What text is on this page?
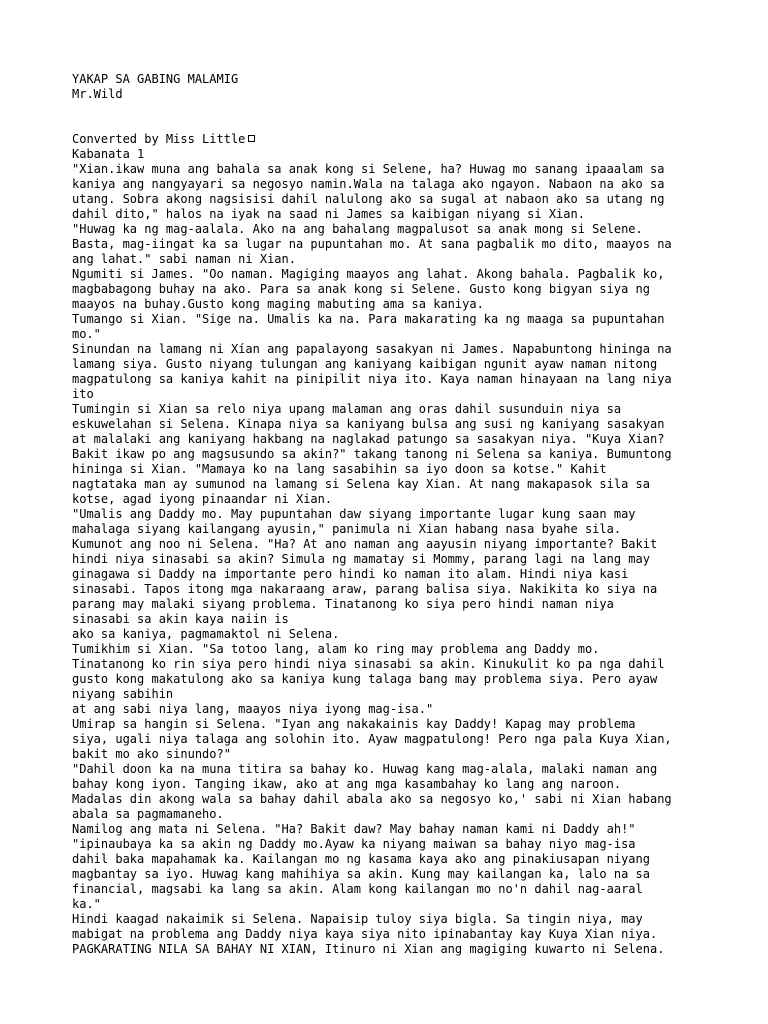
YAKAP SA GABING MALAMIG
Mr.Wild
Converted by Miss Little
Kabanata 1
"Xian.ikaw muna ang bahala sa anak kong si Selene, ha? Huwag mo sanang ipaaalam sa
kaniya ang nangyayari sa negosyo namin.Wala na talaga ako ngayon. Nabaon na ako sa
utang. Sobra akong nagsisisi dahil nalulong ako sa sugal at nabaon ako sa utang ng
dahil dito," halos na iyak na saad ni James sa kaibigan niyang si Xian.
"Huwag ka ng mag-aalala. Ako na ang bahalang magpalusot sa anak mong si Selene.
Basta, mag-iingat ka sa lugar na pupuntahan mo. At sana pagbalik mo dito, maayos na
ang lahat." sabi naman ni Xian.
Ngumiti si James. "Oo naman. Magiging maayos ang lahat. Akong bahala. Pagbalik ko,
magbabagong buhay na ako. Para sa anak kong si Selene. Gusto kong bigyan siya ng
maayos na buhay.Gusto kong maging mabuting ama sa kaniya.
Tumango si Xian. "Sige na. Umalis ka na. Para makarating ka ng maaga sa pupuntahan
mo."
Sinundan na lamang ni Xían ang papalayong sasakyan ni James. Napabuntong hininga na
lamang siya. Gusto niyang tulungan ang kaniyang kaibigan ngunit ayaw naman nitong
magpatulong sa kaniya kahit na pinipilit niya ito. Kaya naman hinayaan na lang niya
ito
Tumingin si Xian sa relo niya upang malaman ang oras dahil susunduin niya sa
eskuwelahan si Selena. Kinapa niya sa kaniyang bulsa ang susi ng kaniyang sasakyan
at malalaki ang kaniyang hakbang na naglakad patungo sa sasakyan niya. "Kuya Xian?
Bakit ikaw po ang magsusundo sa akin?" takang tanong ni Selena sa kaniya. Bumuntong
hininga si Xian. "Mamaya ko na lang sasabihin sa iyo doon sa kotse." Kahit
nagtataka man ay sumunod na lamang si Selena kay Xian. At nang makapasok sila sa
kotse, agad iyong pinaandar ni Xian.
"Umalis ang Daddy mo. May pupuntahan daw siyang importante lugar kung saan may
mahalaga siyang kailangang ayusin," panimula ni Xian habang nasa byahe sila.
Kumunot ang noo ni Selena. "Ha? At ano naman ang aayusin niyang importante? Bakit
hindi niya sinasabi sa akin? Simula ng mamatay si Mommy, parang lagi na lang may
ginagawa si Daddy na importante pero hindi ko naman ito alam. Hindi niya kasi
sinasabi. Tapos itong mga nakaraang araw, parang balisa siya. Nakikita ko siya na
parang may malaki siyang problema. Tinatanong ko siya pero hindi naman niya
sinasabi sa akin kaya naiin is
ako sa kaniya, pagmamaktol ni Selena.
Tumikhim si Xian. "Sa totoo lang, alam ko ring may problema ang Daddy mo.
Tinatanong ko rin siya pero hindi niya sinasabi sa akin. Kinukulit ko pa nga dahil
gusto kong makatulong ako sa kaniya kung talaga bang may problema siya. Pero ayaw
niyang sabihin
at ang sabi niya lang, maayos niya iyong mag-isa."
Umirap sa hangin si Selena. "Iyan ang nakakainis kay Daddy! Kapag may problema
siya, ugali niya talaga ang solohin ito. Ayaw magpatulong! Pero nga pala Kuya Xian,
bakit mo ako sinundo?"
"Dahil doon ka na muna titira sa bahay ko. Huwag kang mag-alala, malaki naman ang
bahay kong iyon. Tanging ikaw, ako at ang mga kasambahay ko lang ang naroon.
Madalas din akong wala sa bahay dahil abala ako sa negosyo ko,' sabi ni Xian habang
abala sa pagmamaneho.
Namilog ang mata ni Selena. "Ha? Bakit daw? May bahay naman kami ni Daddy ah!"
"ipinaubaya ka sa akin ng Daddy mo.Ayaw ka niyang maiwan sa bahay niyo mag-isa
dahil baka mapahamak ka. Kailangan mo ng kasama kaya ako ang pinakiusapan niyang
magbantay sa iyo. Huwag kang mahihiya sa akin. Kung may kailangan ka, lalo na sa
financial, magsabi ka lang sa akin. Alam kong kailangan mo no'n dahil nag-aaral
ka."
Hindi kaagad nakaimik si Selena. Napaisip tuloy siya bigla. Sa tingin niya, may
mabigat na problema ang Daddy niya kaya siya nito ipinabantay kay Kuya Xian niya.
PAGKARATING NILA SA BAHAY NI XIAN, Itinuro ni Xian ang magiging kuwarto ni Selena.
